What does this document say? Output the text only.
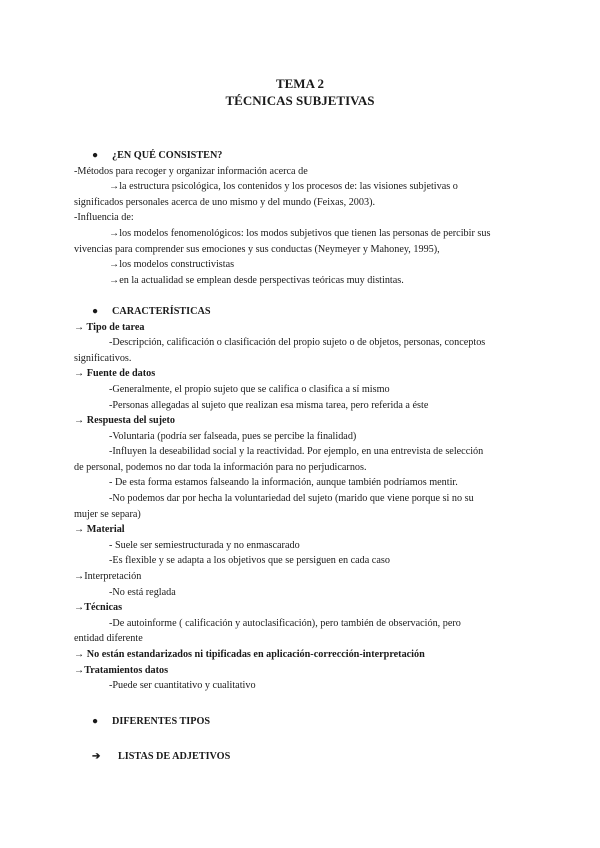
TEMA 2
TÉCNICAS SUBJETIVAS
● ¿EN QUÉ CONSISTEN?
-Métodos para recoger y organizar información acerca de
→la estructura psicológica, los contenidos y los procesos de: las visiones subjetivas o
significados personales acerca de uno mismo y del mundo (Feixas, 2003).
-Influencia de:
→los modelos fenomenológicos: los modos subjetivos que tienen las personas de percibir sus
vivencias para comprender sus emociones y sus conductas (Neymeyer y Mahoney, 1995),
→los modelos constructivistas
→en la actualidad se emplean desde perspectivas teóricas muy distintas.
● CARACTERÍSTICAS
→ Tipo de tarea
-Descripción, calificación o clasificación del propio sujeto o de objetos, personas, conceptos
significativos.
→ Fuente de datos
-Generalmente, el propio sujeto que se califica o clasifica a sí mismo
-Personas allegadas al sujeto que realizan esa misma tarea, pero referida a éste
→ Respuesta del sujeto
-Voluntaria (podría ser falseada, pues se percibe la finalidad)
-Influyen la deseabilidad social y la reactividad. Por ejemplo, en una entrevista de selección
de personal, podemos no dar toda la información para no perjudicarnos.
- De esta forma estamos falseando la información, aunque también podríamos mentir.
-No podemos dar por hecha la voluntariedad del sujeto (marido que viene porque si no su
mujer se separa)
→ Material
- Suele ser semiestructurada y no enmascarado
-Es flexible y se adapta a los objetivos que se persiguen en cada caso
→Interpretación
-No está reglada
→Técnicas
-De autoinforme ( calificación y autoclasificación), pero también de observación, pero
entidad diferente
→ No están estandarizados ni tipificadas en aplicación-corrección-interpretación
→Tratamientos datos
-Puede ser cuantitativo y cualitativo
● DIFERENTES TIPOS
➔ LISTAS DE ADJETIVOS
